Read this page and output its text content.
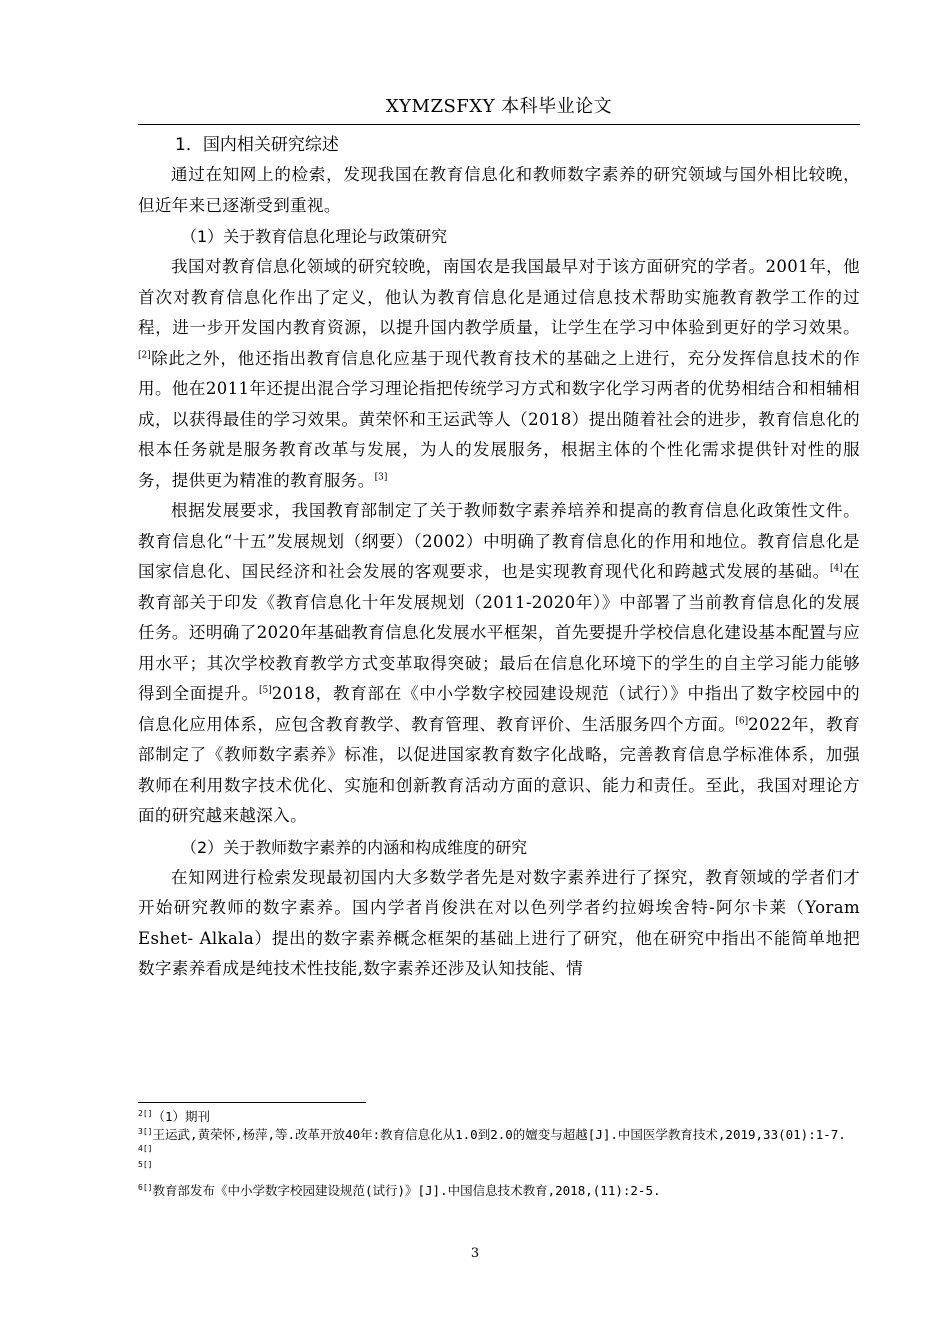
XYMZSFXY 本科毕业论文

1．国内相关研究综述

通过在知网上的检索，发现我国在教育信息化和教师数字素养的研究领域与国外相比较晚，但近年来已逐渐受到重视。

（1）关于教育信息化理论与政策研究

我国对教育信息化领域的研究较晚，南国农是我国最早对于该方面研究的学者。2001年，他首次对教育信息化作出了定义，他认为教育信息化是通过信息技术帮助实施教育教学工作的过程，进一步开发国内教育资源，以提升国内教学质量，让学生在学习中体验到更好的学习效果。[2]除此之外，他还指出教育信息化应基于现代教育技术的基础之上进行，充分发挥信息技术的作用。他在2011年还提出混合学习理论指把传统学习方式和数字化学习两者的优势相结合和相辅相成，以获得最佳的学习效果。黄荣怀和王运武等人（2018）提出随着社会的进步，教育信息化的根本任务就是服务教育改革与发展，为人的发展服务，根据主体的个性化需求提供针对性的服务，提供更为精准的教育服务。[3]

根据发展要求，我国教育部制定了关于教师数字素养培养和提高的教育信息化政策性文件。教育信息化“十五”发展规划（纲要）（2002）中明确了教育信息化的作用和地位。教育信息化是国家信息化、国民经济和社会发展的客观要求，也是实现教育现代化和跨越式发展的基础。[4]在教育部关于印发《教育信息化十年发展规划（2011-2020年）》中部署了当前教育信息化的发展任务。还明确了2020年基础教育信息化发展水平框架，首先要提升学校信息化建设基本配置与应用水平；其次学校教育教学方式变革取得突破；最后在信息化环境下的学生的自主学习能力能够得到全面提升。[5]2018，教育部在《中小学数字校园建设规范（试行）》中指出了数字校园中的信息化应用体系，应包含教育教学、教育管理、教育评价、生活服务四个方面。[6]2022年，教育部制定了《教师数字素养》标准，以促进国家教育数字化战略，完善教育信息学标准体系，加强教师在利用数字技术优化、实施和创新教育活动方面的意识、能力和责任。至此，我国对理论方面的研究越来越深入。

（2）关于教师数字素养的内涵和构成维度的研究

在知网进行检索发现最初国内大多数学者先是对数字素养进行了探究，教育领域的学者们才开始研究教师的数字素养。国内学者肖俊洪在对以色列学者约拉姆埃舍特-阿尔卡莱（Yoram Eshet- Alkala）提出的数字素养概念框架的基础上进行了研究，他在研究中指出不能简单地把数字素养看成是纯技术性技能,数字素养还涉及认知技能、情

$^{2[]}$（1）期刊

$^{3[]}$王运武,黄荣怀,杨萍,等.改革开放40年:教育信息化从1.0到2.0的嬗变与超越[J].中国医学教育技术,2019,33(01):1-7.

$^{4[]}$

$^{5[]}$

$^{6[]}$教育部发布《中小学数字校园建设规范(试行)》[J].中国信息技术教育,2018,(11):2-5.

3
